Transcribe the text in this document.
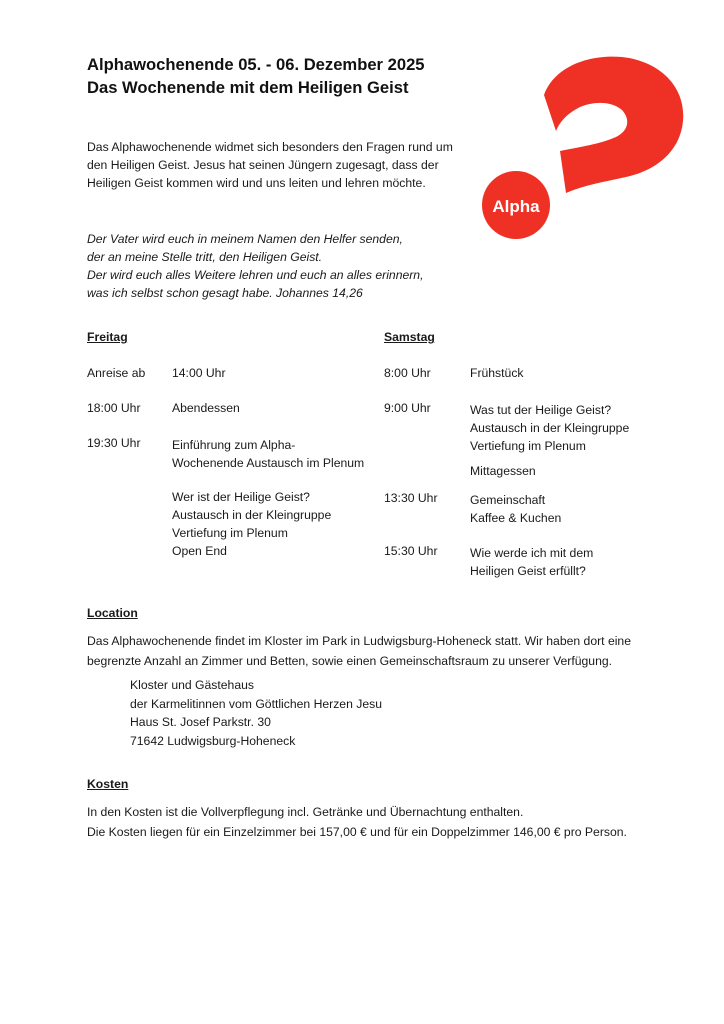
Alphawochenende 05. - 06. Dezember 2025
Das Wochenende mit dem Heiligen Geist
Alpha

Das Alphawochenende widmet sich besonders den Fragen rund um
den Heiligen Geist. Jesus hat seinen Jüngern zugesagt, dass der
Heiligen Geist kommen wird und uns leiten und lehren möchte.

Der Vater wird euch in meinem Namen den Helfer senden,
der an meine Stelle tritt, den Heiligen Geist.
Der wird euch alles Weitere lehren und euch an alles erinnern,
was ich selbst schon gesagt habe. Johannes 14,26

Freitag
Anreise ab 14:00 Uhr
18:00 Uhr	Abendessen
19:30 Uhr	Einführung zum Alpha-
Wochenende Austausch im Plenum
Wer ist der Heilige Geist?
Austausch in der Kleingruppe
Vertiefung im Plenum
Open End
Samstag
8:00 Uhr	Frühstück
9:00 Uhr	Was tut der Heilige Geist?
Austausch in der Kleingruppe
Vertiefung im Plenum
Mittagessen
13:30 Uhr	Gemeinschaft
Kaffee & Kuchen
15:30 Uhr	Wie werde ich mit dem
Heiligen Geist erfüllt?
Location

Das Alphawochenende findet im Kloster im Park in Ludwigsburg-Hoheneck statt. Wir haben dort eine
begrenzte Anzahl an Zimmer und Betten, sowie einen Gemeinschaftsraum zu unserer Verfügung.

Kloster und Gästehaus
der Karmelitinnen vom Göttlichen Herzen Jesu
Haus St. Josef Parkstr. 30
71642 Ludwigsburg-Hoheneck

Kosten

In den Kosten ist die Vollverpflegung incl. Getränke und Übernachtung enthalten.
Die Kosten liegen für ein Einzelzimmer bei 157,00 € und für ein Doppelzimmer 146,00 € pro Person.
